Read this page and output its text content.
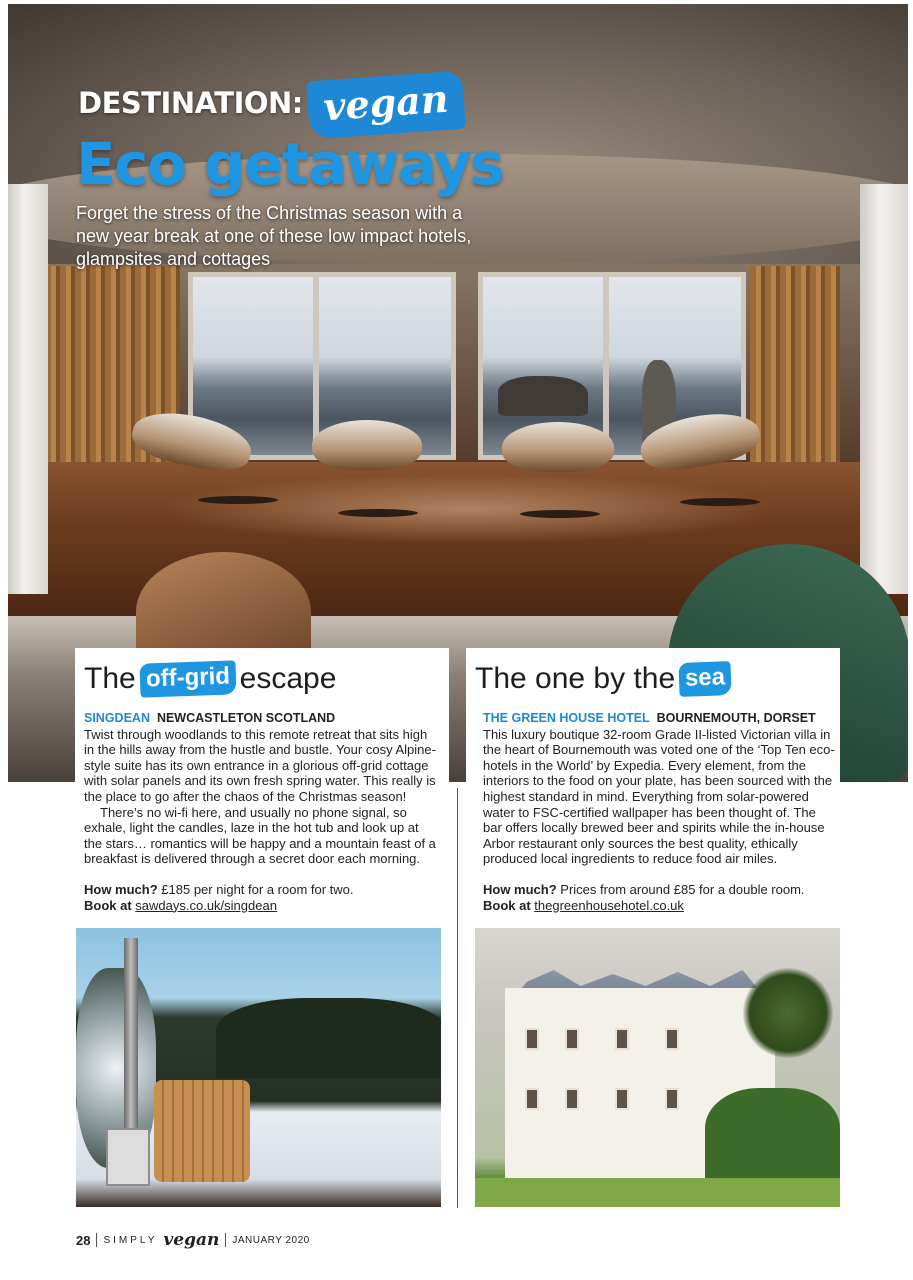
DESTINATION: vegan
Eco getaways

Forget the stress of the Christmas season with a new year break at one of these low impact hotels, glampsites and cottages

The off-grid escape	The one by the sea

SINGDEAN NEWCASTLETON SCOTLAND

Twist through woodlands to this remote retreat that sits high in the hills away from the hustle and bustle. Your cosy Alpine-style suite has its own entrance in a glorious off-grid cottage with solar panels and its own fresh spring water. This really is the place to go after the chaos of the Christmas season!

There’s no wi-fi here, and usually no phone signal, so exhale, light the candles, laze in the hot tub and look up at the stars… romantics will be happy and a mountain feast of a breakfast is delivered through a secret door each morning.

How much? £185 per night for a room for two.

Book at sawdays.co.uk/singdean

THE GREEN HOUSE HOTEL BOURNEMOUTH, DORSET

This luxury boutique 32-room Grade II-listed Victorian villa in the heart of Bournemouth was voted one of the ‘Top Ten eco-hotels in the World’ by Expedia. Every element, from the interiors to the food on your plate, has been sourced with the highest standard in mind. Everything from solar-powered water to FSC-certified wallpaper has been thought of. The bar offers locally brewed beer and spirits while the in-house Arbor restaurant only sources the best quality, ethically produced local ingredients to reduce food air miles.

How much? Prices from around £85 for a double room.

Book at thegreenhousehotel.co.uk

28 SIMPLY vegan JANUARY 2020
